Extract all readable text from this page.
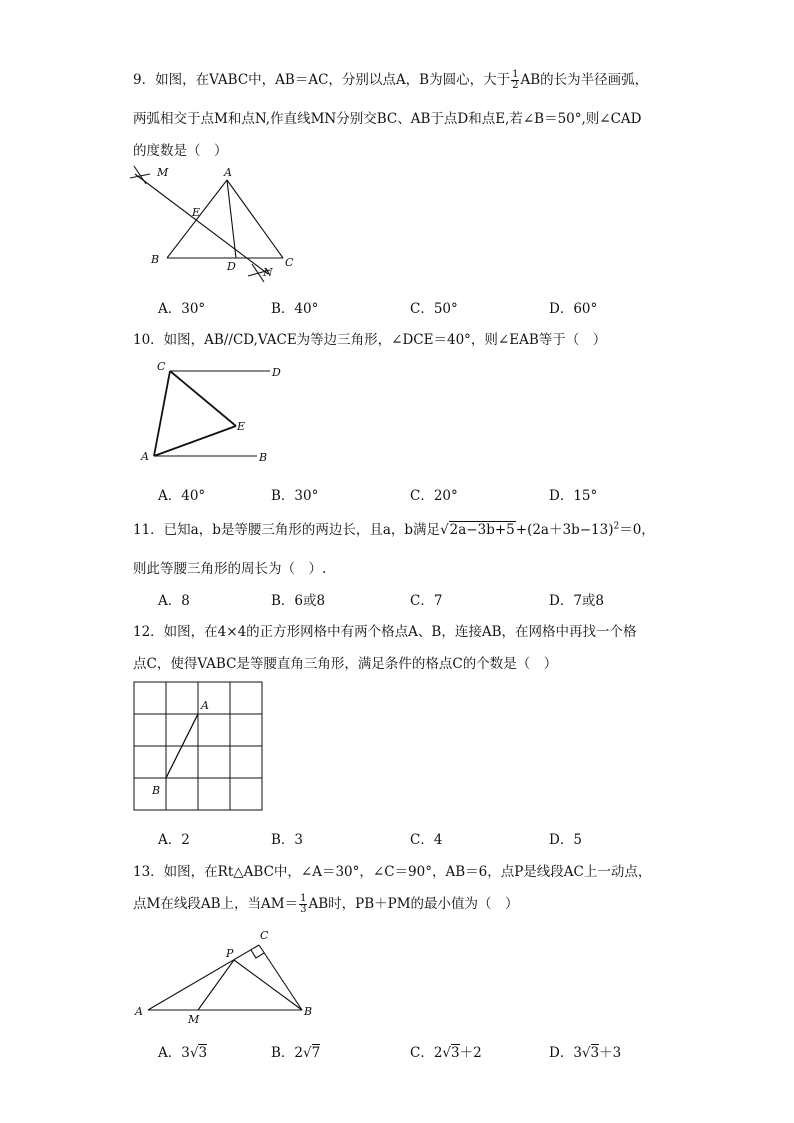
9．如图，在VABC中，AB＝AC，分别以点A，B为圆心，大于 $\frac{1}{2}$ AB的长为半径画弧，
两弧相交于点M和点N,作直线MN分别交BC、AB于点D和点E,若∠B＝50°,则∠CAD
的度数是（　）
M	A
E
B
D	C
N
A．30°	B．40°	C．50°	D．60°
10．如图，AB//CD,VACE为等边三角形，∠DCE＝40°，则∠EAB等于（　）
C	D
E
A	B
A．40°	B．30°	C．20°	D．15°
11．已知a，b是等腰三角形的两边长，且a，b满足$√2a-3b+5+(2a+3b-13)^2=0$，
则此等腰三角形的周长为（　）.
A．8	B．6或8	C．7	D．7或8
12．如图，在4×4的正方形网格中有两个格点A、B，连接AB，在网格中再找一个格
点C，使得VABC是等腰直角三角形，满足条件的格点C的个数是（　）
A
B
A．2	B．3	C．4	D．5
13．如图，在Rt△ABC中，∠A＝30°，∠C＝90°，AB＝6，点P是线段AC上一动点，
点M在线段AB上，当$AM= \frac{1}{3}$ AB时，PB＋PM的最小值为（　）
C
P
A
M
B
A．3√3	B．2√7	C．2√3＋2	D．3√3＋3
